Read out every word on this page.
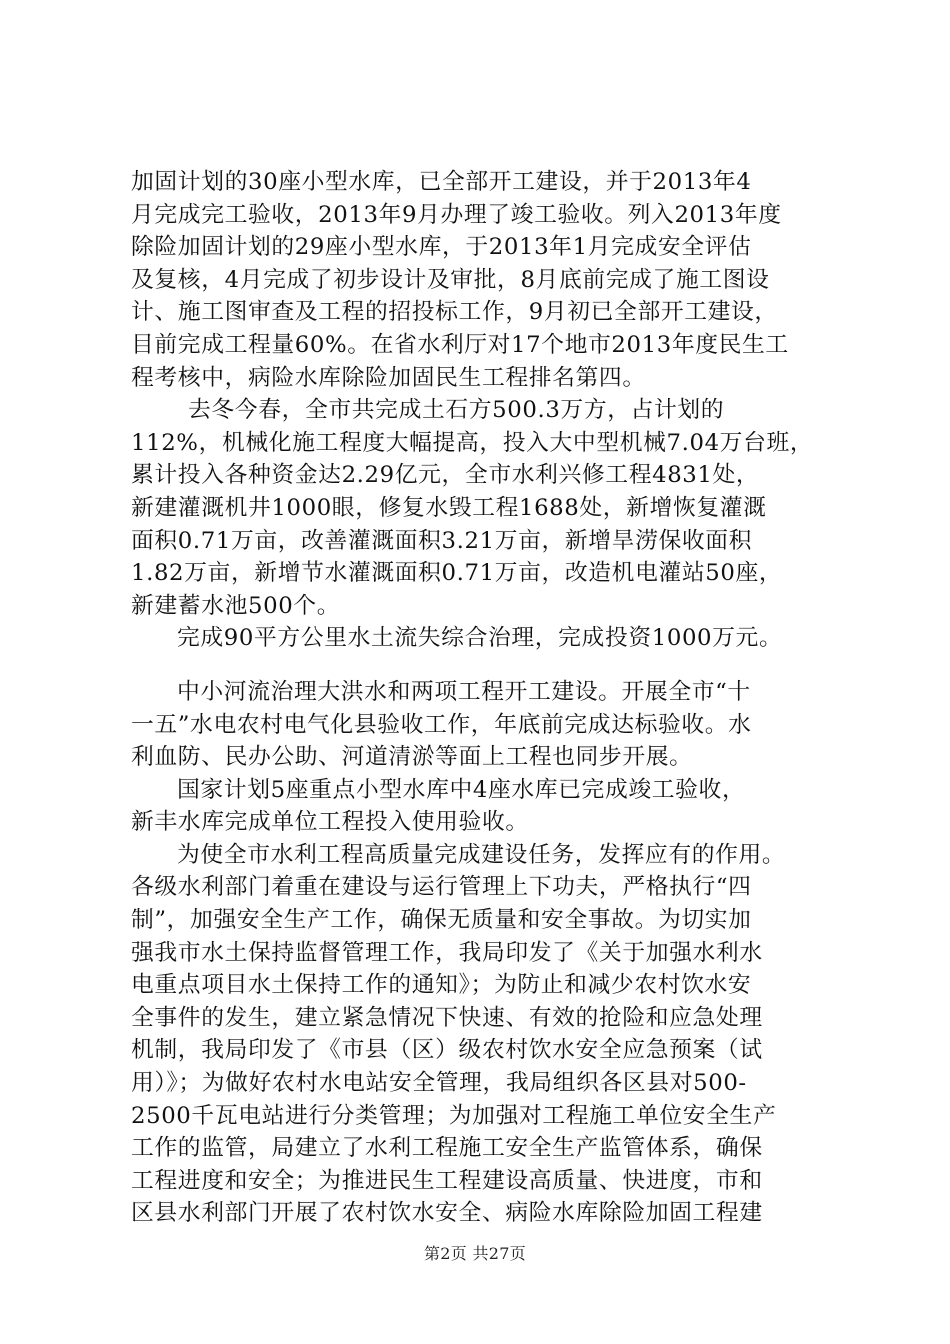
加固计划的30座小型水库，已全部开工建设，并于2013年4
月完成完工验收，2013年9月办理了竣工验收。列入2013年度
除险加固计划的29座小型水库，于2013年1月完成安全评估
及复核，4月完成了初步设计及审批，8月底前完成了施工图设
计、施工图审查及工程的招投标工作，9月初已全部开工建设，
目前完成工程量60%。在省水利厅对17个地市2013年度民生工
程考核中，病险水库除险加固民生工程排名第四。
去冬今春，全市共完成土石方500.3万方，占计划的
112%，机械化施工程度大幅提高，投入大中型机械7.04万台班，
累计投入各种资金达2.29亿元，全市水利兴修工程4831处，
新建灌溉机井1000眼，修复水毁工程1688处，新增恢复灌溉
面积0.71万亩，改善灌溉面积3.21万亩，新增旱涝保收面积
1.82万亩，新增节水灌溉面积0.71万亩，改造机电灌站50座，
新建蓄水池500个。
完成90平方公里水土流失综合治理，完成投资1000万元。
中小河流治理大洪水和两项工程开工建设。开展全市“十
一五”水电农村电气化县验收工作，年底前完成达标验收。水
利血防、民办公助、河道清淤等面上工程也同步开展。
国家计划5座重点小型水库中4座水库已完成竣工验收，
新丰水库完成单位工程投入使用验收。
为使全市水利工程高质量完成建设任务，发挥应有的作用。
各级水利部门着重在建设与运行管理上下功夫，严格执行“四
制”，加强安全生产工作，确保无质量和安全事故。为切实加
强我市水土保持监督管理工作，我局印发了《关于加强水利水
电重点项目水土保持工作的通知》；为防止和减少农村饮水安
全事件的发生，建立紧急情况下快速、有效的抢险和应急处理
机制，我局印发了《市县（区）级农村饮水安全应急预案（试
用）》；为做好农村水电站安全管理，我局组织各区县对500-
2500千瓦电站进行分类管理；为加强对工程施工单位安全生产
工作的监管，局建立了水利工程施工安全生产监管体系，确保
工程进度和安全；为推进民生工程建设高质量、快进度，市和
区县水利部门开展了农村饮水安全、病险水库除险加固工程建
第2页 共27页
